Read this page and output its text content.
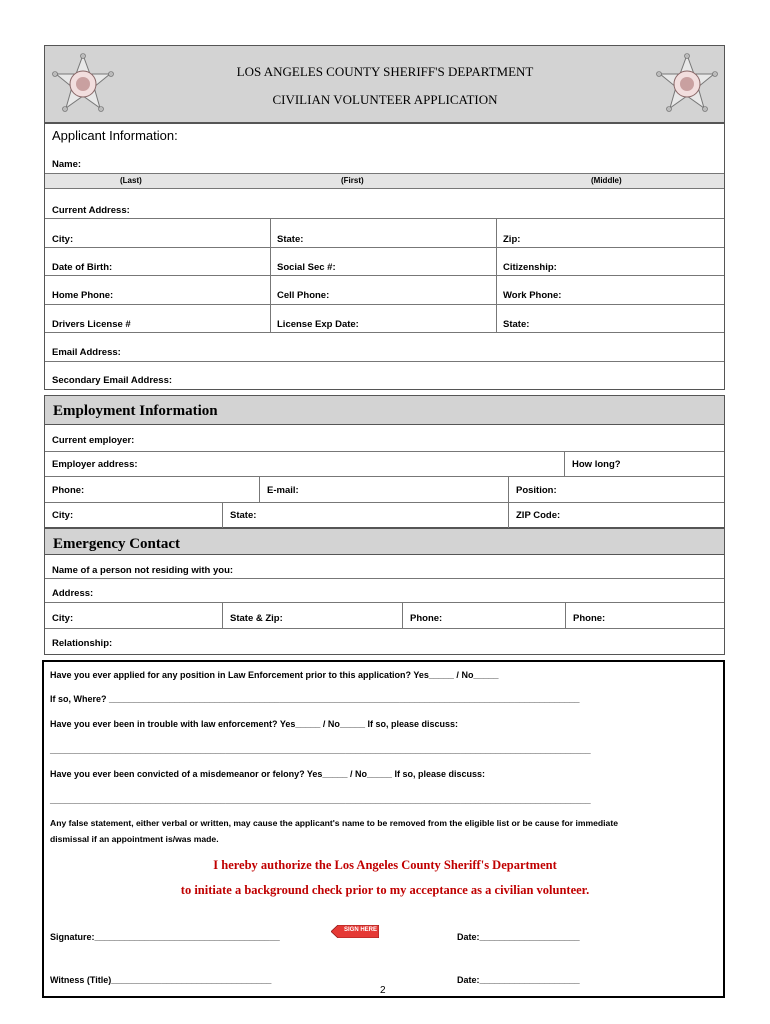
LOS ANGELES COUNTY SHERIFF'S DEPARTMENT
CIVILIAN VOLUNTEER APPLICATION
Applicant Information:
Name:
(Last)	(First)	(Middle)
Current Address:
City:	State:	Zip:
Date of Birth:	Social Sec #:	Citizenship:
Home Phone:	Cell Phone:	Work Phone:
Drivers License #	License Exp Date:	State:
Email Address:
Secondary Email Address:
Employment Information
Current employer:
Employer address:	How long?
Phone:	E-mail:	Position:
City:	State:	ZIP Code:
Emergency Contact
Name of a person not residing with you:
Address:
City:	State & Zip:	Phone:	Phone:
Relationship:
Have you ever applied for any position in Law Enforcement prior to this application? Yes_____ / No_____
If so, Where? ______________________________________________________________________________________________
Have you ever been in trouble with law enforcement? Yes_____ / No_____ If so, please discuss:
____________________________________________________________________________________________________________
Have you ever been convicted of a misdemeanor or felony? Yes_____ / No_____ If so, please discuss:
____________________________________________________________________________________________________________
Any false statement, either verbal or written, may cause the applicant's name to be removed from the eligible list or be cause for immediate
dismissal if an appointment is/was made.
I hereby authorize the Los Angeles County Sheriff's Department
to initiate a background check prior to my acceptance as a civilian volunteer.
Signature:_____________________________________
SIGN HERE
Date:____________________
Witness (Title)________________________________	Date:____________________
2
